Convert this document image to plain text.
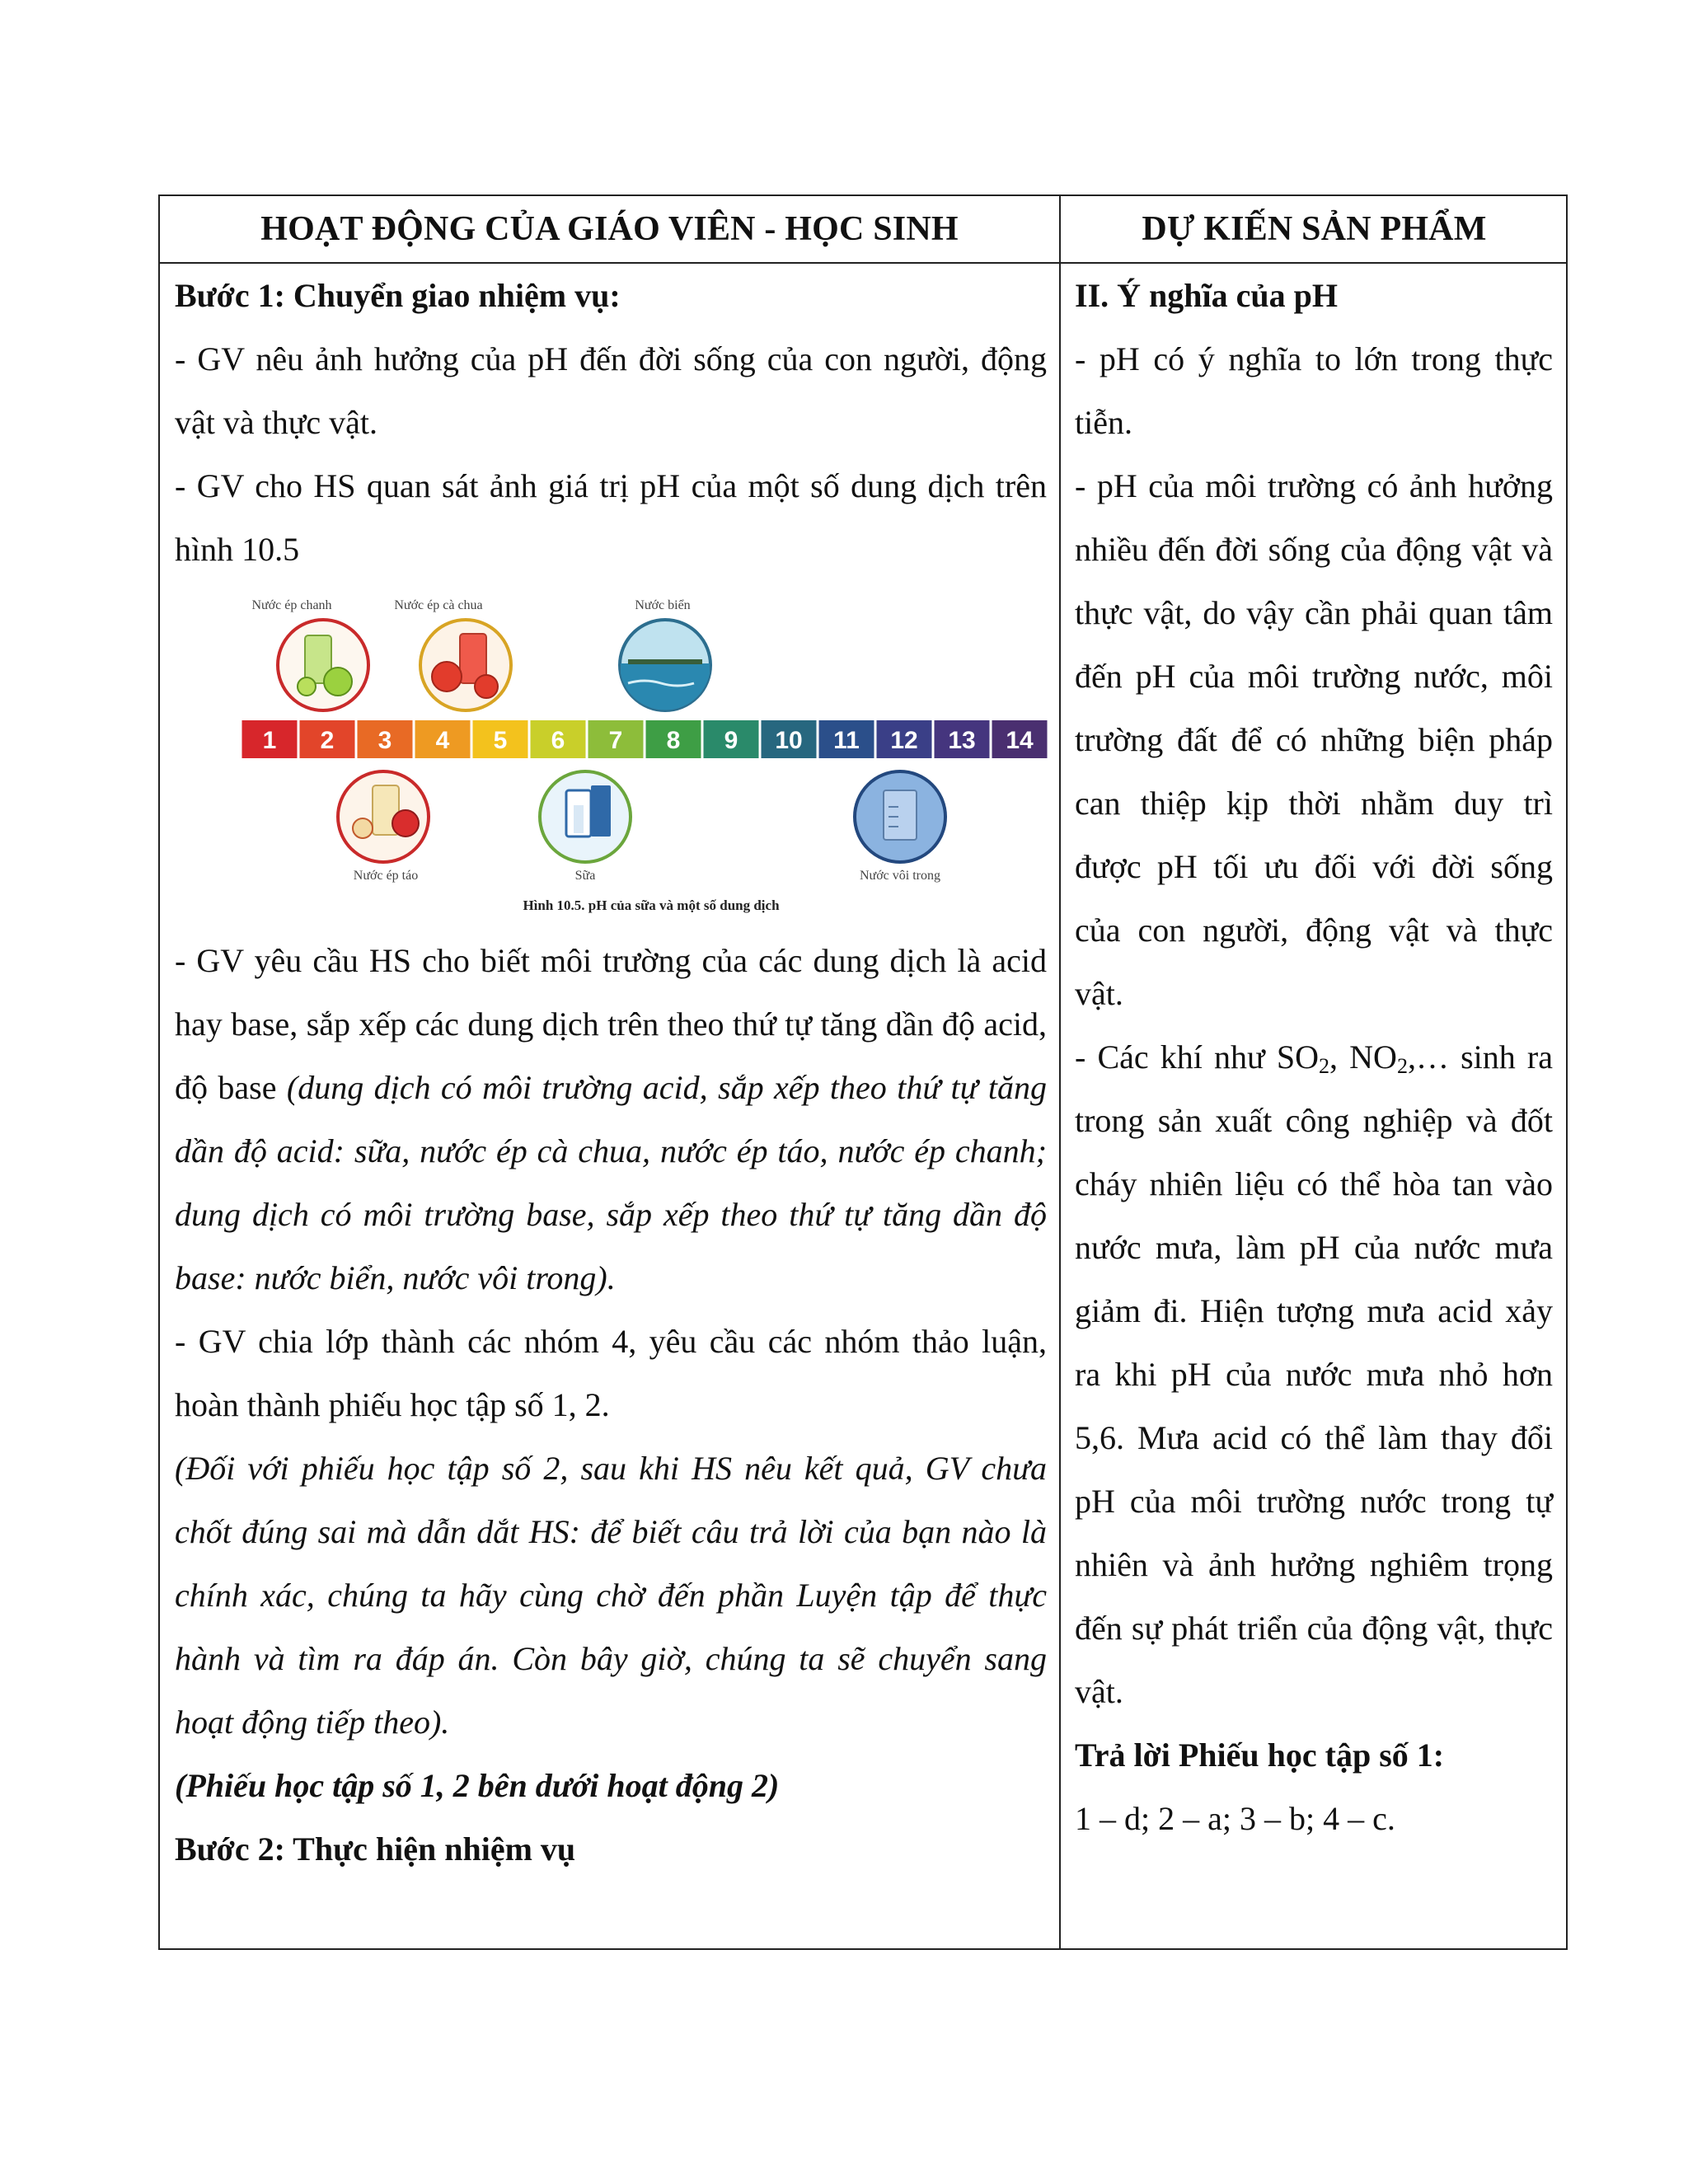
HOẠT ĐỘNG CỦA GIÁO VIÊN - HỌC SINH	DỰ KIẾN SẢN PHẨM

Bước 1: Chuyển giao nhiệm vụ:

- GV nêu ảnh hưởng của pH đến đời sống của con người, động vật và thực vật.

- GV cho HS quan sát ảnh giá trị pH của một số dung dịch trên hình 10.5

Nước ép chanh	Nước ép cà chua	Nước biển
1 2 3 4 5 6 7 8 9 10 11 12 13 14
Nước ép táo	Sữa	Nước vôi trong
Hình 10.5. pH của sữa và một số dung dịch

- GV yêu cầu HS cho biết môi trường của các dung dịch là acid hay base, sắp xếp các dung dịch trên theo thứ tự tăng dần độ acid, độ base (dung dịch có môi trường acid, sắp xếp theo thứ tự tăng dần độ acid: sữa, nước ép cà chua, nước ép táo, nước ép chanh; dung dịch có môi trường base, sắp xếp theo thứ tự tăng dần độ base: nước biển, nước vôi trong).

- GV chia lớp thành các nhóm 4, yêu cầu các nhóm thảo luận, hoàn thành phiếu học tập số 1, 2.

(Đối với phiếu học tập số 2, sau khi HS nêu kết quả, GV chưa chốt đúng sai mà dẫn dắt HS: để biết câu trả lời của bạn nào là chính xác, chúng ta hãy cùng chờ đến phần Luyện tập để thực hành và tìm ra đáp án. Còn bây giờ, chúng ta sẽ chuyển sang hoạt động tiếp theo).

(Phiếu học tập số 1, 2 bên dưới hoạt động 2)

Bước 2: Thực hiện nhiệm vụ

II. Ý nghĩa của pH

- pH có ý nghĩa to lớn trong thực tiễn.

- pH của môi trường có ảnh hưởng nhiều đến đời sống của động vật và thực vật, do vậy cần phải quan tâm đến pH của môi trường nước, môi trường đất để có những biện pháp can thiệp kịp thời nhằm duy trì được pH tối ưu đối với đời sống của con người, động vật và thực vật.

- Các khí như $SO_2$, $NO_2,\dots$ sinh ra trong sản xuất công nghiệp và đốt cháy nhiên liệu có thể hòa tan vào nước mưa, làm pH của nước mưa giảm đi. Hiện tượng mưa acid xảy ra khi pH của nước mưa nhỏ hơn 5,6. Mưa acid có thể làm thay đổi pH của môi trường nước trong tự nhiên và ảnh hưởng nghiêm trọng đến sự phát triển của động vật, thực vật.

Trả lời Phiếu học tập số 1:

1 – d; 2 – a; 3 – b; 4 – c.
